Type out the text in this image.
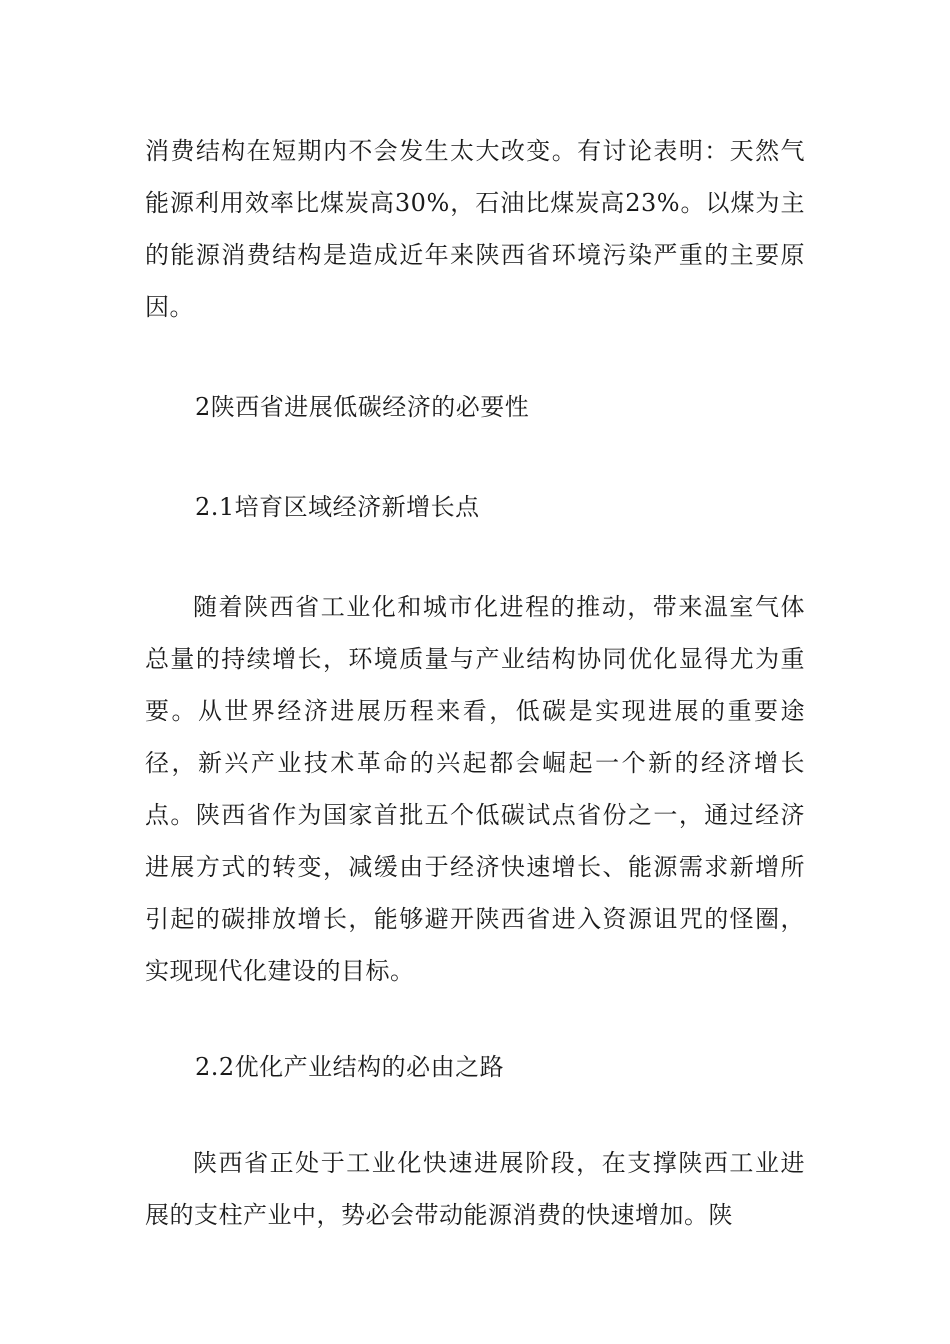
消费结构在短期内不会发生太大改变。有讨论表明：天然气能源利用效率比煤炭高30%，石油比煤炭高23%。以煤为主的能源消费结构是造成近年来陕西省环境污染严重的主要原因。

2陕西省进展低碳经济的必要性

2.1培育区域经济新增长点

随着陕西省工业化和城市化进程的推动，带来温室气体总量的持续增长，环境质量与产业结构协同优化显得尤为重要。从世界经济进展历程来看，低碳是实现进展的重要途径，新兴产业技术革命的兴起都会崛起一个新的经济增长点。陕西省作为国家首批五个低碳试点省份之一，通过经济进展方式的转变，减缓由于经济快速增长、能源需求新增所引起的碳排放增长，能够避开陕西省进入资源诅咒的怪圈，实现现代化建设的目标。

2.2优化产业结构的必由之路

陕西省正处于工业化快速进展阶段，在支撑陕西工业进展的支柱产业中，势必会带动能源消费的快速增加。陕
